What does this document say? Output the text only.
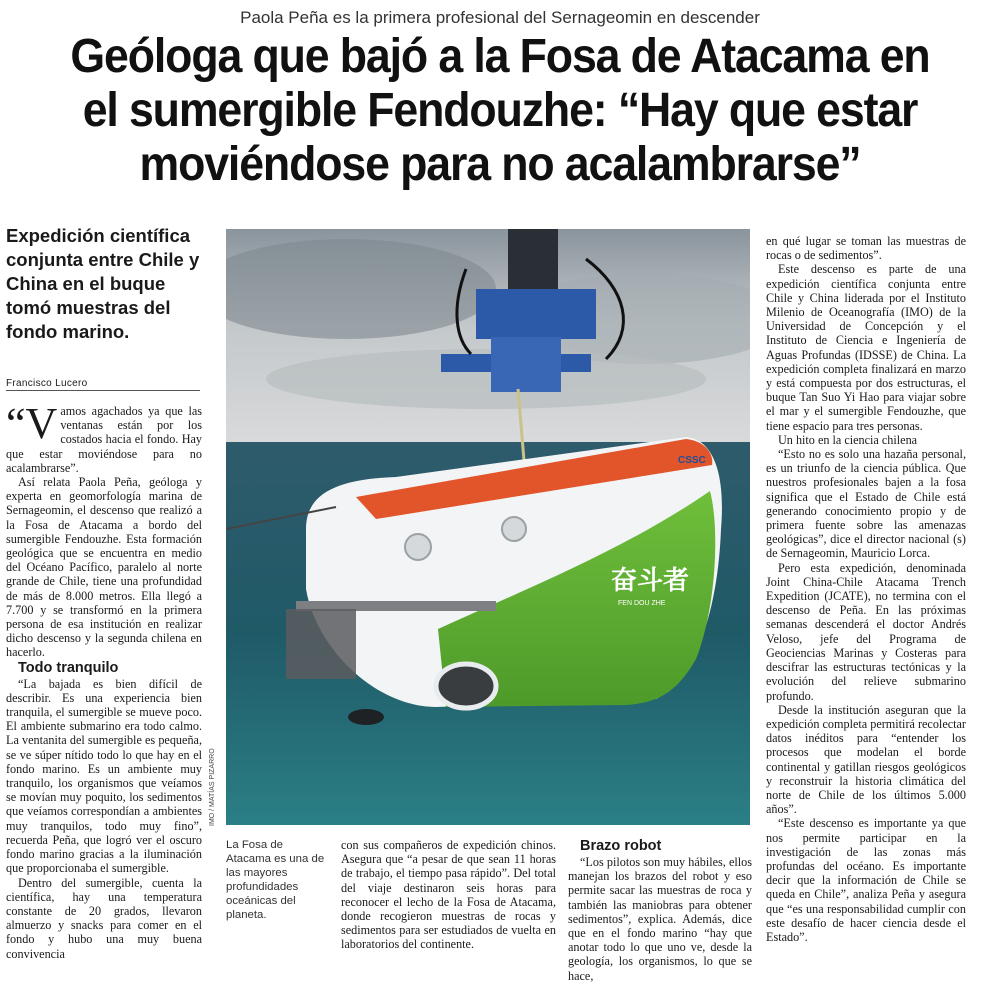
Paola Peña es la primera profesional del Sernageomin en descender
Geóloga que bajó a la Fosa de Atacama en
el sumergible Fendouzhe: “Hay que estar
moviéndose para no acalambrarse”
Expedición científica conjunta entre Chile y China en el buque tomó muestras del fondo marino.
Francisco Lucero

“Vamos agachados ya que las ventanas están por los costados hacia el fondo. Hay que estar moviéndose para no acalambrarse”.

Así relata Paola Peña, geóloga y experta en geomorfología marina de Sernageomin, el descenso que realizó a la Fosa de Atacama a bordo del sumergible Fendouzhe. Esta formación geológica que se encuentra en medio del Océano Pacífico, paralelo al norte grande de Chile, tiene una profundidad de más de 8.000 metros. Ella llegó a 7.700 y se transformó en la primera persona de esa institución en realizar dicho descenso y la segunda chilena en hacerlo.

Todo tranquilo

“La bajada es bien difícil de describir. Es una experiencia bien tranquila, el sumergible se mueve poco. El ambiente submarino era todo calmo. La ventanita del sumergible es pequeña, se ve súper nítido todo lo que hay en el fondo marino. Es un ambiente muy tranquilo, los organismos que veíamos se movían muy poquito, los sedimentos que veíamos correspondían a ambientes muy tranquilos, todo muy fino”, recuerda Peña, que logró ver el oscuro fondo marino gracias a la iluminación que proporcionaba el sumergible.

Dentro del sumergible, cuenta la científica, hay una temperatura constante de 20 grados, llevaron almuerzo y snacks para comer en el fondo y hubo una muy buena convivencia

CSSC
奋斗者
FEN DOU ZHE
IMO / MATÍAS PIZARRO
La Fosa de Atacama es una de las mayores profundidades oceánicas del planeta.

con sus compañeros de expedición chinos. Asegura que “a pesar de que sean 11 horas de trabajo, el tiempo pasa rápido”. Del total del viaje destinaron seis horas para reconocer el lecho de la Fosa de Atacama, donde recogieron muestras de rocas y sedimentos para ser estudiados de vuelta en laboratorios del continente.

Brazo robot

“Los pilotos son muy hábiles, ellos manejan los brazos del robot y eso permite sacar las muestras de roca y también las maniobras para obtener sedimentos”, explica. Además, dice que en el fondo marino “hay que anotar todo lo que uno ve, desde la geología, los organismos, lo que se hace,

en qué lugar se toman las muestras de rocas o de sedimentos”.

Este descenso es parte de una expedición científica conjunta entre Chile y China liderada por el Instituto Milenio de Oceanografía (IMO) de la Universidad de Concepción y el Instituto de Ciencia e Ingeniería de Aguas Profundas (IDSSE) de China. La expedición completa finalizará en marzo y está compuesta por dos estructuras, el buque Tan Suo Yi Hao para viajar sobre el mar y el sumergible Fendouzhe, que tiene espacio para tres personas.

Un hito en la ciencia chilena

“Esto no es solo una hazaña personal, es un triunfo de la ciencia pública. Que nuestros profesionales bajen a la fosa significa que el Estado de Chile está generando conocimiento propio y de primera fuente sobre las amenazas geológicas”, dice el director nacional (s) de Sernageomin, Mauricio Lorca.

Pero esta expedición, denominada Joint China-Chile Atacama Trench Expedition (JCATE), no termina con el descenso de Peña. En las próximas semanas descenderá el doctor Andrés Veloso, jefe del Programa de Geociencias Marinas y Costeras para descifrar las estructuras tectónicas y la evolución del relieve submarino profundo.

Desde la institución aseguran que la expedición completa permitirá recolectar datos inéditos para “entender los procesos que modelan el borde continental y gatillan riesgos geológicos y reconstruir la historia climática del norte de Chile de los últimos 5.000 años”.

“Este descenso es importante ya que nos permite participar en la investigación de las zonas más profundas del océano. Es importante decir que la información de Chile se queda en Chile”, analiza Peña y asegura que “es una responsabilidad cumplir con este desafío de hacer ciencia desde el Estado”.
